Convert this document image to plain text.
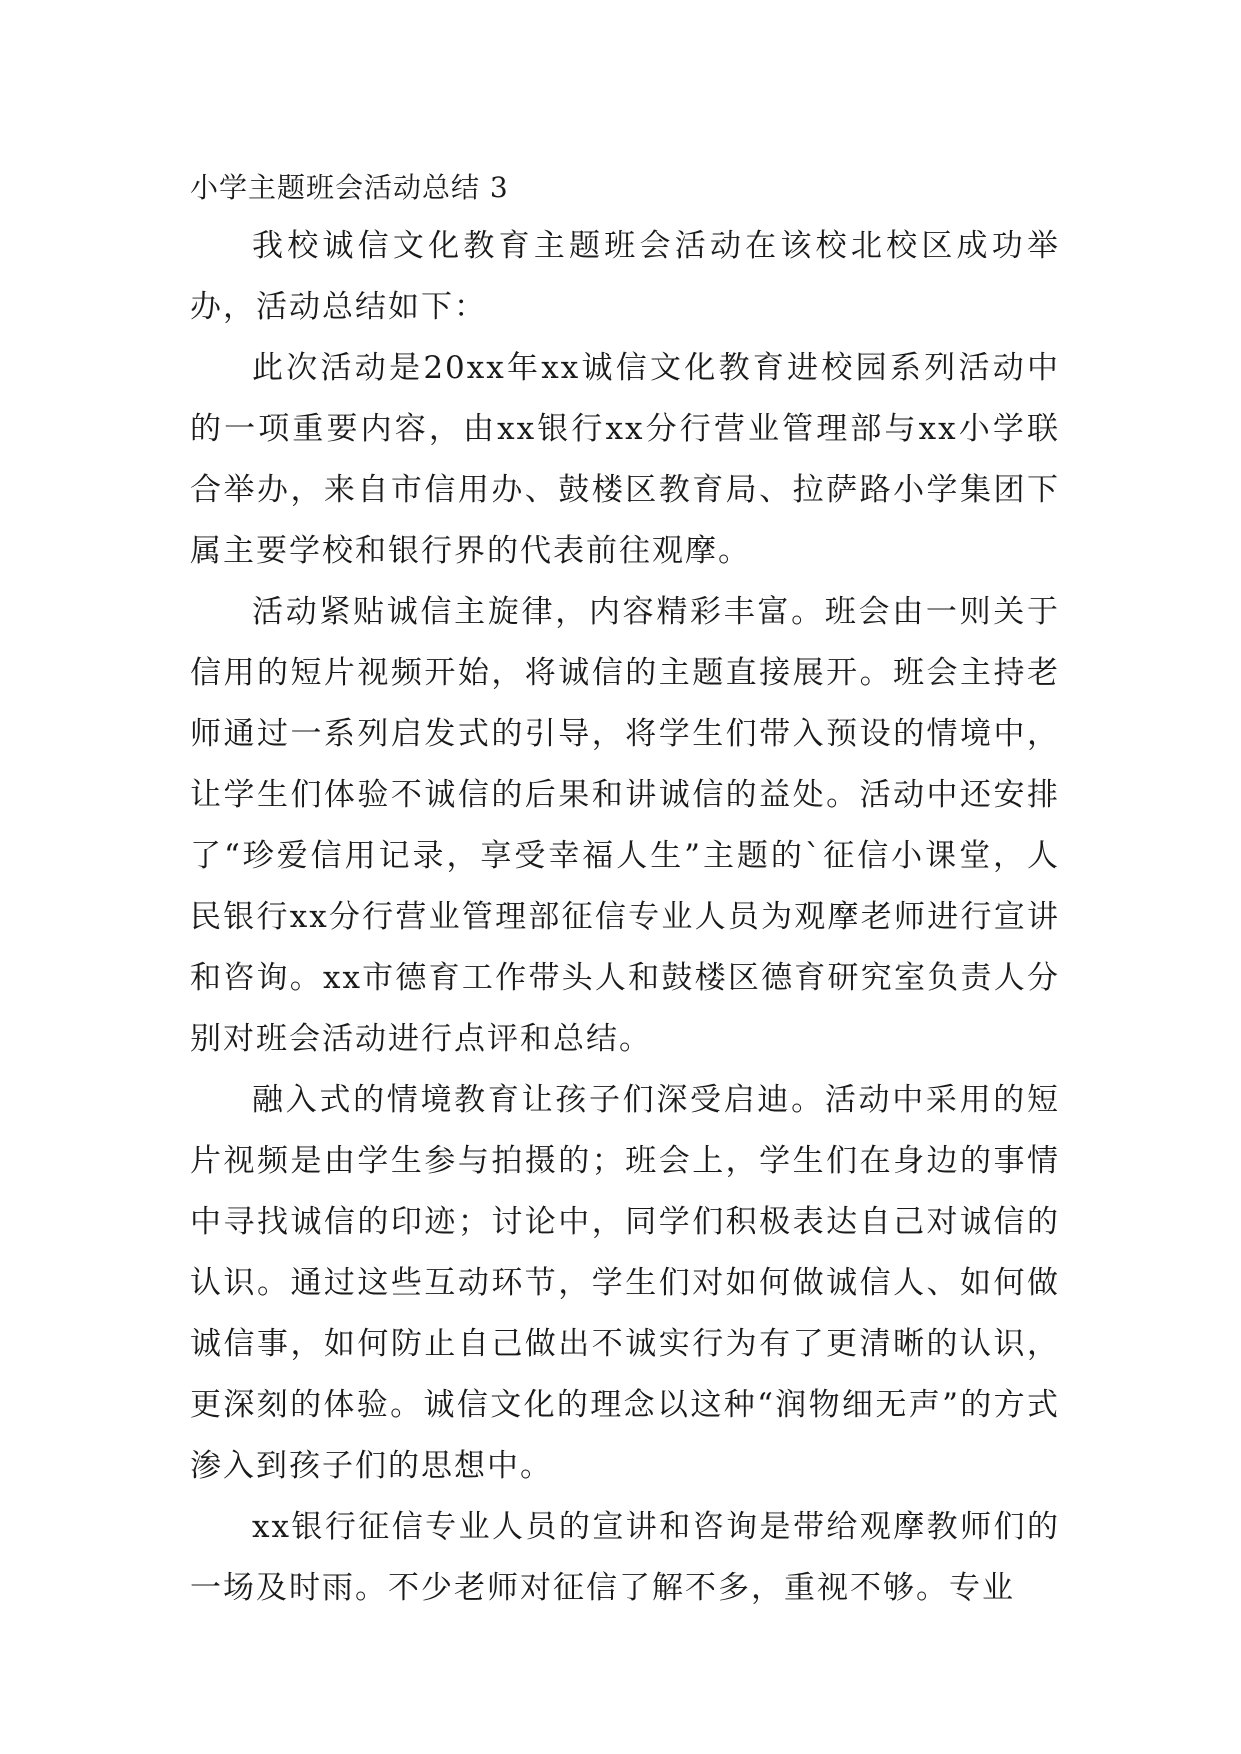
小学主题班会活动总结 3

我校诚信文化教育主题班会活动在该校北校区成功举办，活动总结如下：

此次活动是20xx年xx诚信文化教育进校园系列活动中的一项重要内容，由xx银行xx分行营业管理部与xx小学联合举办，来自市信用办、鼓楼区教育局、拉萨路小学集团下属主要学校和银行界的代表前往观摩。

活动紧贴诚信主旋律，内容精彩丰富。班会由一则关于信用的短片视频开始，将诚信的主题直接展开。班会主持老师通过一系列启发式的引导，将学生们带入预设的情境中，让学生们体验不诚信的后果和讲诚信的益处。活动中还安排了“珍爱信用记录，享受幸福人生”主题的`征信小课堂，人民银行xx分行营业管理部征信专业人员为观摩老师进行宣讲和咨询。xx市德育工作带头人和鼓楼区德育研究室负责人分别对班会活动进行点评和总结。

融入式的情境教育让孩子们深受启迪。活动中采用的短片视频是由学生参与拍摄的；班会上，学生们在身边的事情中寻找诚信的印迹；讨论中，同学们积极表达自己对诚信的认识。通过这些互动环节，学生们对如何做诚信人、如何做诚信事，如何防止自己做出不诚实行为有了更清晰的认识，更深刻的体验。诚信文化的理念以这种“润物细无声”的方式渗入到孩子们的思想中。

xx银行征信专业人员的宣讲和咨询是带给观摩教师们的一场及时雨。不少老师对征信了解不多，重视不够。专业
